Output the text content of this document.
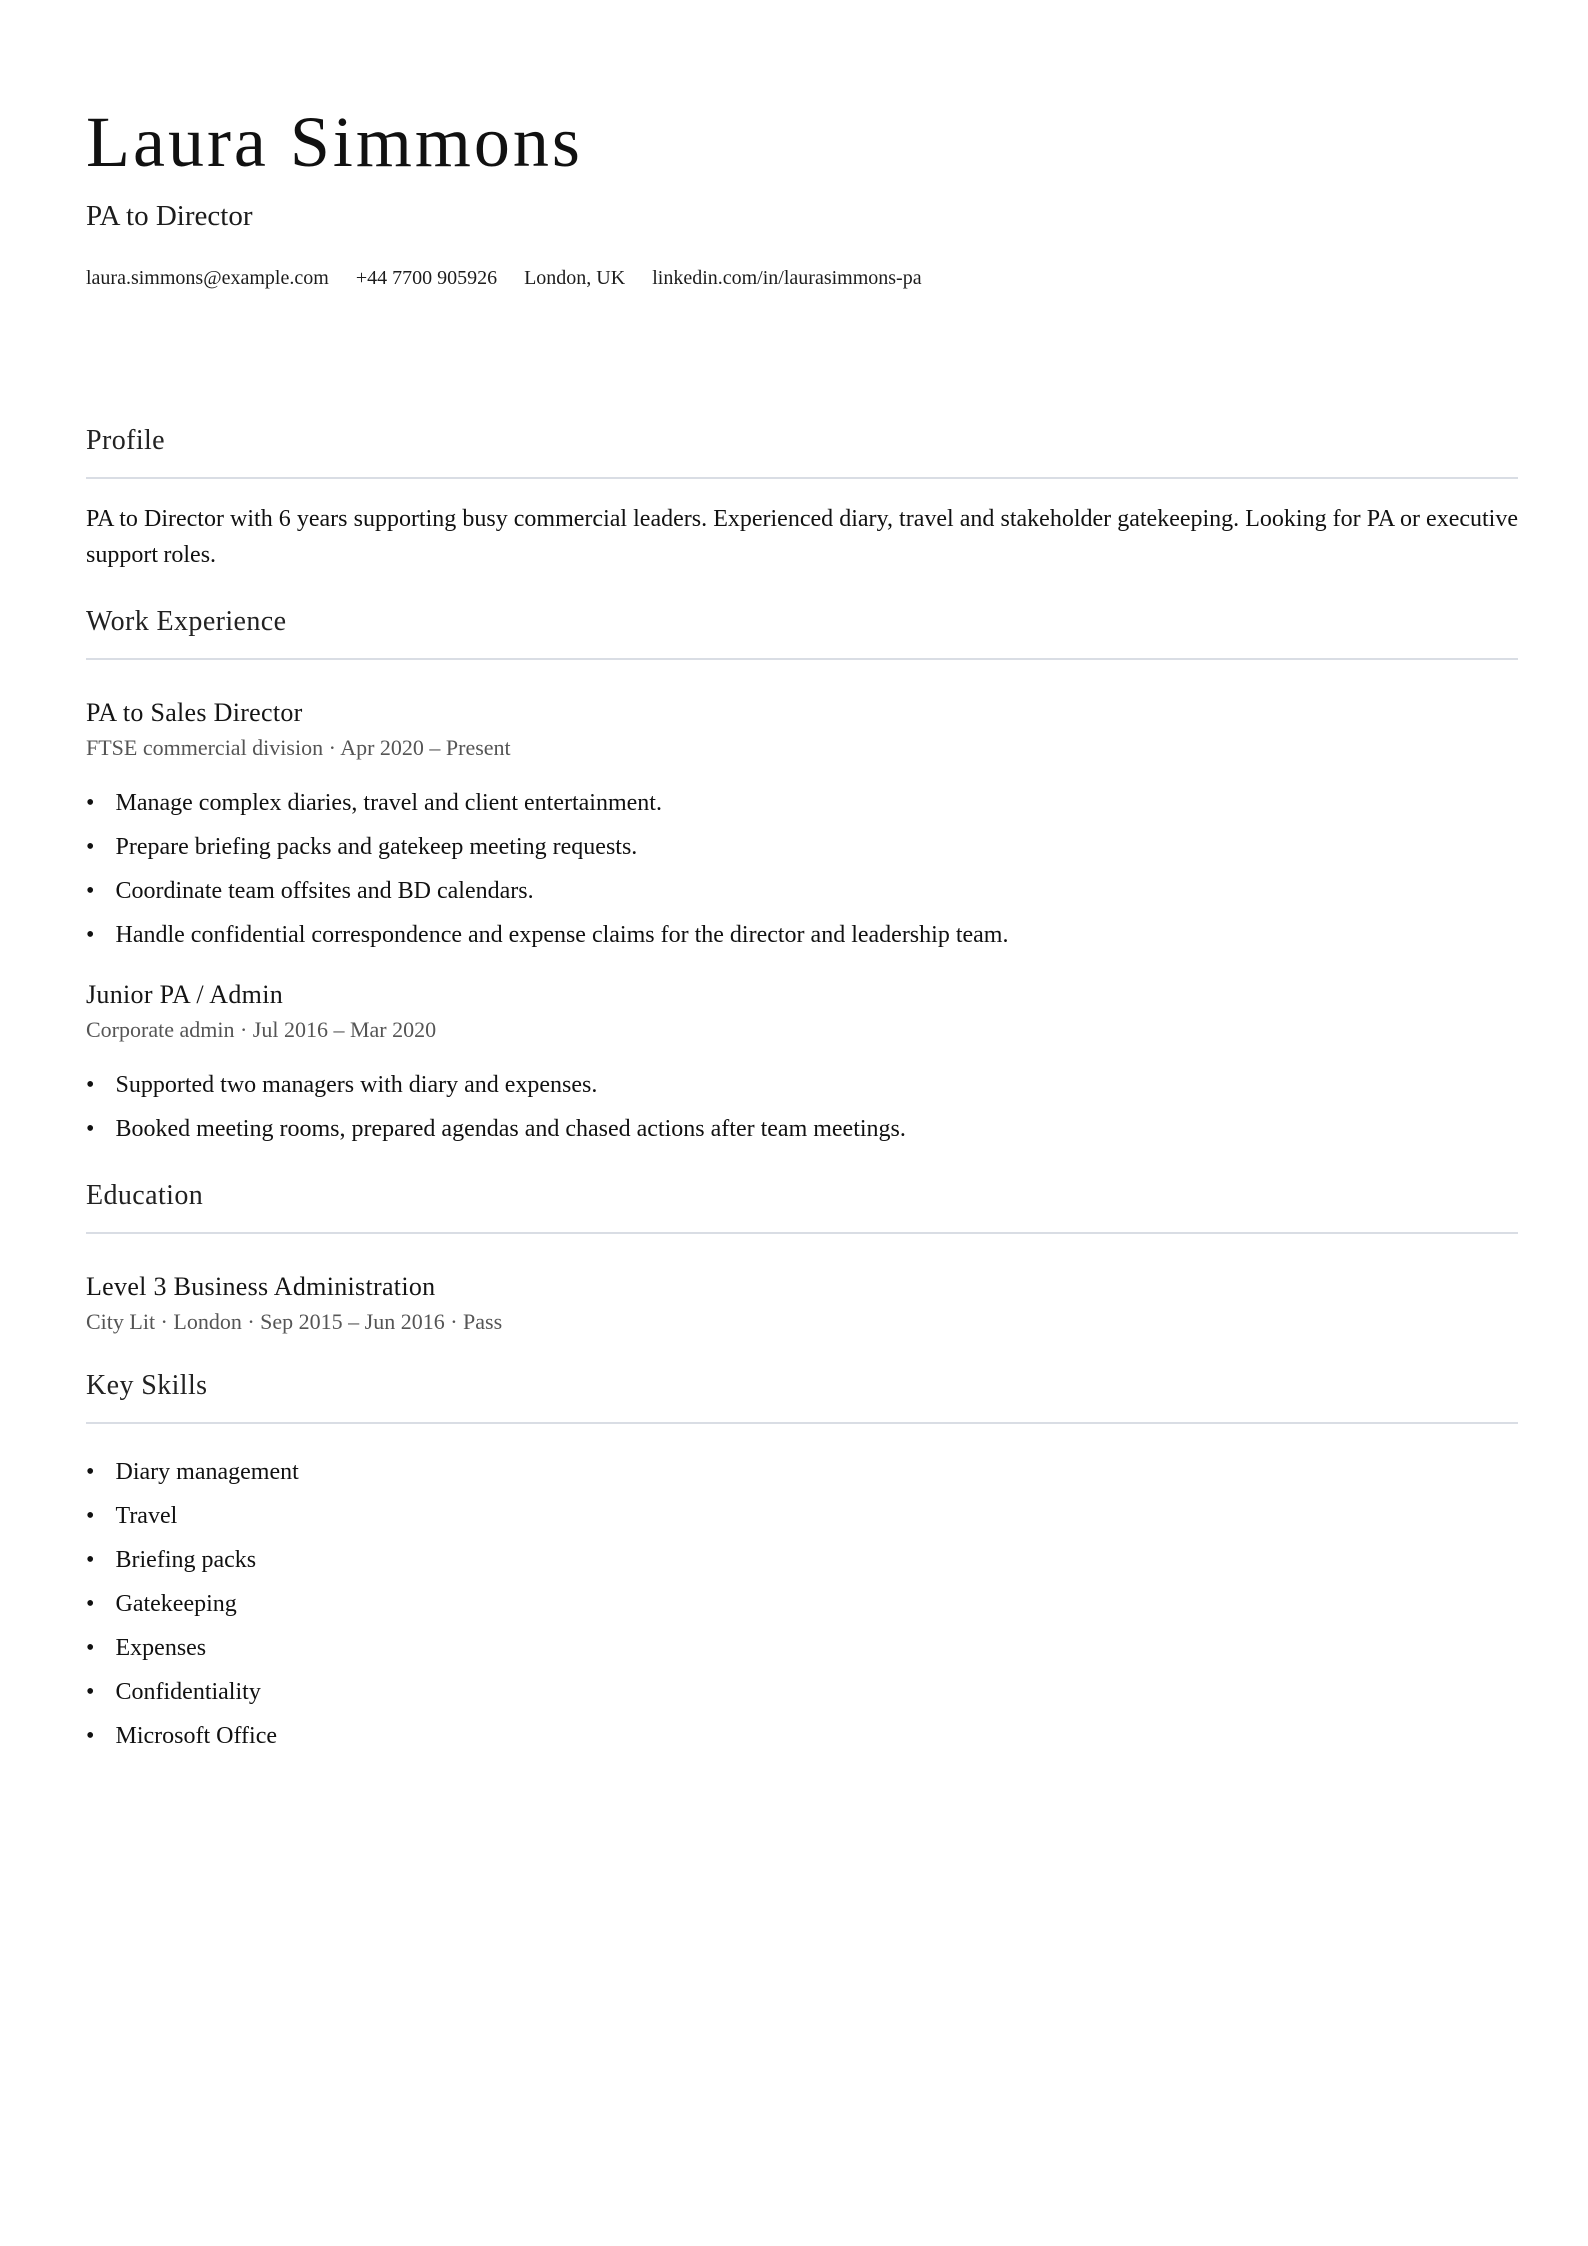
Laura Simmons
PA to Director
laura.simmons@example.com +44 7700 905926 London, UK linkedin.com/in/laurasimmons-pa
Profile

PA to Director with 6 years supporting busy commercial leaders. Experienced diary, travel and stakeholder gatekeeping. Looking for PA or executive support roles.

Work Experience
PA to Sales Director
FTSE commercial division · Apr 2020 – Present
• Manage complex diaries, travel and client entertainment.
• Prepare briefing packs and gatekeep meeting requests.
• Coordinate team offsites and BD calendars.
• Handle confidential correspondence and expense claims for the director and leadership team.
Junior PA / Admin
Corporate admin · Jul 2016 – Mar 2020
• Supported two managers with diary and expenses.
• Booked meeting rooms, prepared agendas and chased actions after team meetings.
Education
Level 3 Business Administration
City Lit · London · Sep 2015 – Jun 2016 · Pass
Key Skills
• Diary management
• Travel
• Briefing packs
• Gatekeeping
• Expenses
• Confidentiality
• Microsoft Office
